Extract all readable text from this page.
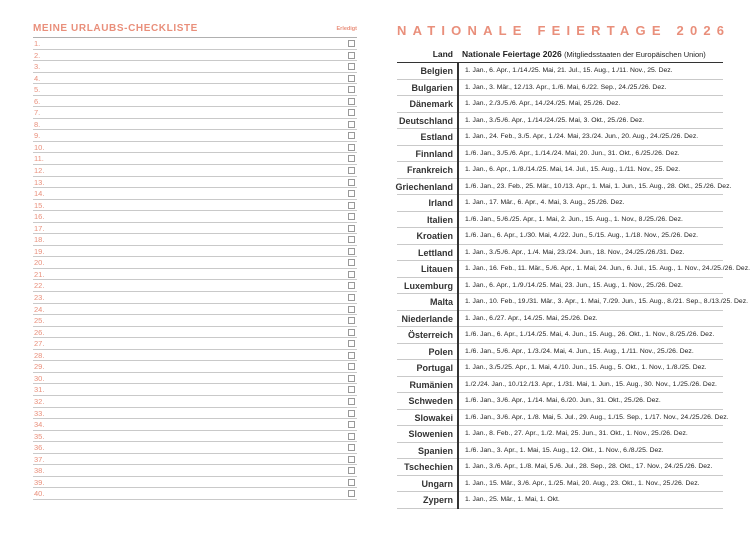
MEINE URLAUBS-CHECKLISTE	Erledigt
1.
2.
3.
4.
5.
6.
7.
8.
9.
10.
11.
12.
13.
14.
15.
16.
17.
18.
19.
20.
21.
22.
23.
24.
25.
26.
27.
28.
29.
30.
31.
32.
33.
34.
35.
36.
37.
38.
39.
40.
NATIONALE FEIERTAGE 2026
Land Nationale Feiertage 2026 (Mitgliedsstaaten der Europäischen Union)
Belgien 1. Jan., 6. Apr., 1./14./25. Mai, 21. Jul., 15. Aug., 1./11. Nov., 25. Dez.
Bulgarien 1. Jan., 3. Mär., 12./13. Apr., 1./6. Mai, 6./22. Sep., 24./25./26. Dez.
Dänemark 1. Jan., 2./3./5./6. Apr., 14./24./25. Mai, 25./26. Dez.
Deutschland 1. Jan., 3./5./6. Apr., 1./14./24./25. Mai, 3. Okt., 25./26. Dez.
Estland 1. Jan., 24. Feb., 3./5. Apr., 1./24. Mai, 23./24. Jun., 20. Aug., 24./25./26. Dez.
Finnland 1./6. Jan., 3./5./6. Apr., 1./14./24. Mai, 20. Jun., 31. Okt., 6./25./26. Dez.
Frankreich 1. Jan., 6. Apr., 1./8./14./25. Mai, 14. Jul., 15. Aug., 1./11. Nov., 25. Dez.
Griechenland 1./6. Jan., 23. Feb., 25. Mär., 10./13. Apr., 1. Mai, 1. Jun., 15. Aug., 28. Okt., 25./26. Dez.
Irland 1. Jan., 17. Mär., 6. Apr., 4. Mai, 3. Aug., 25./26. Dez.
Italien 1./6. Jan., 5./6./25. Apr., 1. Mai, 2. Jun., 15. Aug., 1. Nov., 8./25./26. Dez.
Kroatien 1./6. Jan., 6. Apr., 1./30. Mai, 4./22. Jun., 5./15. Aug., 1./18. Nov., 25./26. Dez.
Lettland 1. Jan., 3./5./6. Apr., 1./4. Mai, 23./24. Jun., 18. Nov., 24./25./26./31. Dez.
Litauen 1. Jan., 16. Feb., 11. Mär., 5./6. Apr., 1. Mai, 24. Jun., 6. Jul., 15. Aug., 1. Nov., 24./25./26. Dez.
Luxemburg 1. Jan., 6. Apr., 1./9./14./25. Mai, 23. Jun., 15. Aug., 1. Nov., 25./26. Dez.
Malta 1. Jan., 10. Feb., 19./31. Mär., 3. Apr., 1. Mai, 7./29. Jun., 15. Aug., 8./21. Sep., 8./13./25. Dez.
Niederlande 1. Jan., 6./27. Apr., 14./25. Mai, 25./26. Dez.
Österreich 1./6. Jan., 6. Apr., 1./14./25. Mai, 4. Jun., 15. Aug., 26. Okt., 1. Nov., 8./25./26. Dez.
Polen 1./6. Jan., 5./6. Apr., 1./3./24. Mai, 4. Jun., 15. Aug., 1./11. Nov., 25./26. Dez.
Portugal 1. Jan., 3./5./25. Apr., 1. Mai, 4./10. Jun., 15. Aug., 5. Okt., 1. Nov., 1./8./25. Dez.
Rumänien 1./2./24. Jan., 10./12./13. Apr., 1./31. Mai, 1. Jun., 15. Aug., 30. Nov., 1./25./26. Dez.
Schweden 1./6. Jan., 3./6. Apr., 1./14. Mai, 6./20. Jun., 31. Okt., 25./26. Dez.
Slowakei 1./6. Jan., 3./6. Apr., 1./8. Mai, 5. Jul., 29. Aug., 1./15. Sep., 1./17. Nov., 24./25./26. Dez.
Slowenien 1. Jan., 8. Feb., 27. Apr., 1./2. Mai, 25. Jun., 31. Okt., 1. Nov., 25./26. Dez.
Spanien 1./6. Jan., 3. Apr., 1. Mai, 15. Aug., 12. Okt., 1. Nov., 6./8./25. Dez.
Tschechien 1. Jan., 3./6. Apr., 1./8. Mai, 5./6. Jul., 28. Sep., 28. Okt., 17. Nov., 24./25./26. Dez.
Ungarn 1. Jan., 15. Mär., 3./6. Apr., 1./25. Mai, 20. Aug., 23. Okt., 1. Nov., 25./26. Dez.
Zypern 1. Jan., 25. Mär., 1. Mai, 1. Okt.
